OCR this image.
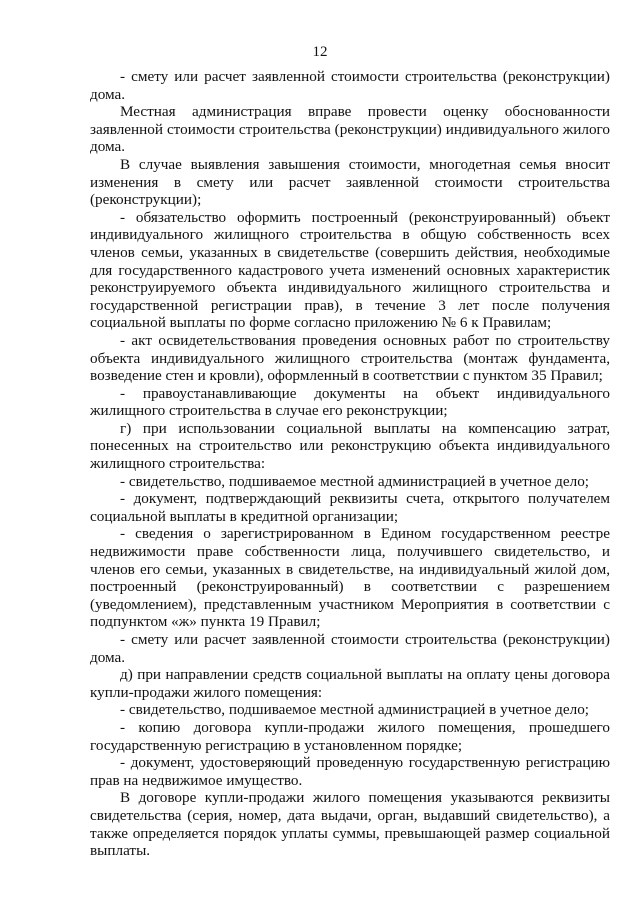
12

- смету или расчет заявленной стоимости строительства (реконструкции) дома.

Местная администрация вправе провести оценку обоснованности заявленной стоимости строительства (реконструкции) индивидуального жилого дома.

В случае выявления завышения стоимости, многодетная семья вносит изменения в смету или расчет заявленной стоимости строительства (реконструкции);

- обязательство оформить построенный (реконструированный) объект индивидуального жилищного строительства в общую собственность всех членов семьи, указанных в свидетельстве (совершить действия, необходимые для государственного кадастрового учета изменений основных характеристик реконструируемого объекта индивидуального жилищного строительства и государственной регистрации прав), в течение 3 лет после получения социальной выплаты по форме согласно приложению № 6 к Правилам;

- акт освидетельствования проведения основных работ по строительству объекта индивидуального жилищного строительства (монтаж фундамента, возведение стен и кровли), оформленный в соответствии с пунктом 35 Правил;

- правоустанавливающие документы на объект индивидуального жилищного строительства в случае его реконструкции;

г) при использовании социальной выплаты на компенсацию затрат, понесенных на строительство или реконструкцию объекта индивидуального жилищного строительства:

- свидетельство, подшиваемое местной администрацией в учетное дело;

- документ, подтверждающий реквизиты счета, открытого получателем социальной выплаты в кредитной организации;

- сведения о зарегистрированном в Едином государственном реестре недвижимости праве собственности лица, получившего свидетельство, и членов его семьи, указанных в свидетельстве, на индивидуальный жилой дом, построенный (реконструированный) в соответствии с разрешением (уведомлением), представленным участником Мероприятия в соответствии с подпунктом «ж» пункта 19 Правил;

- смету или расчет заявленной стоимости строительства (реконструкции) дома.

д) при направлении средств социальной выплаты на оплату цены договора купли-продажи жилого помещения:

- свидетельство, подшиваемое местной администрацией в учетное дело;

- копию договора купли-продажи жилого помещения, прошедшего государственную регистрацию в установленном порядке;

- документ, удостоверяющий проведенную государственную регистрацию прав на недвижимое имущество.

В договоре купли-продажи жилого помещения указываются реквизиты свидетельства (серия, номер, дата выдачи, орган, выдавший свидетельство), а также определяется порядок уплаты суммы, превышающей размер социальной выплаты.
